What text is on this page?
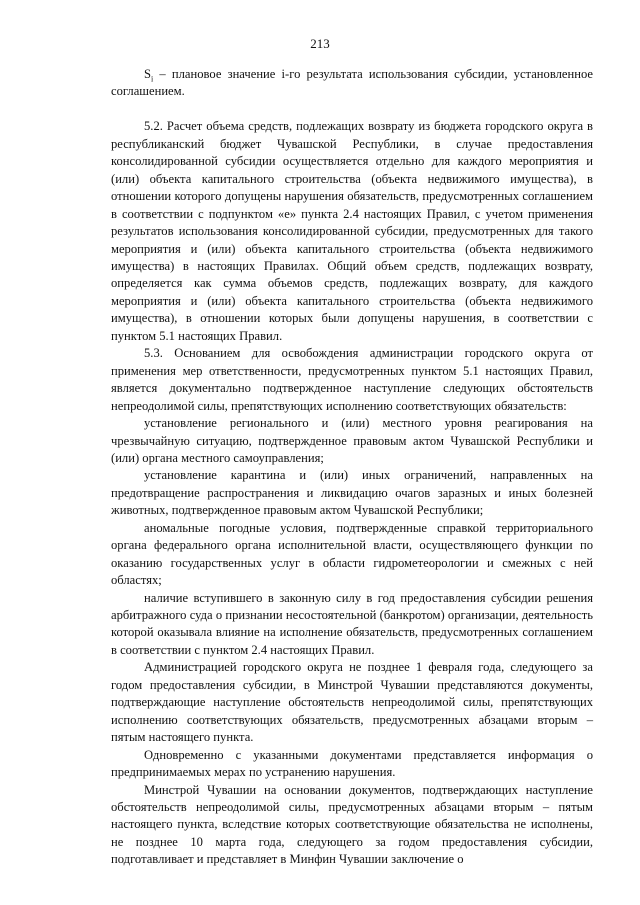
213

$S_i$ – плановое значение i-го результата использования субсидии, установленное соглашением.

5.2. Расчет объема средств, подлежащих возврату из бюджета городского округа в республиканский бюджет Чувашской Республики, в случае предоставления консолидированной субсидии осуществляется отдельно для каждого мероприятия и (или) объекта капитального строительства (объекта недвижимого имущества), в отношении которого допущены нарушения обязательств, предусмотренных соглашением в соответствии с подпунктом «е» пункта 2.4 настоящих Правил, с учетом применения результатов использования консолидированной субсидии, предусмотренных для такого мероприятия и (или) объекта капитального строительства (объекта недвижимого имущества) в настоящих Правилах. Общий объем средств, подлежащих возврату, определяется как сумма объемов средств, подлежащих возврату, для каждого мероприятия и (или) объекта капитального строительства (объекта недвижимого имущества), в отношении которых были допущены нарушения, в соответствии с пунктом 5.1 настоящих Правил.

5.3. Основанием для освобождения администрации городского округа от применения мер ответственности, предусмотренных пунктом 5.1 настоящих Правил, является документально подтвержденное наступление следующих обстоятельств непреодолимой силы, препятствующих исполнению соответствующих обязательств:

установление регионального и (или) местного уровня реагирования на чрезвычайную ситуацию, подтвержденное правовым актом Чувашской Республики и (или) органа местного самоуправления;

установление карантина и (или) иных ограничений, направленных на предотвращение распространения и ликвидацию очагов заразных и иных болезней животных, подтвержденное правовым актом Чувашской Республики;

аномальные погодные условия, подтвержденные справкой территориального органа федерального органа исполнительной власти, осуществляющего функции по оказанию государственных услуг в области гидрометеорологии и смежных с ней областях;

наличие вступившего в законную силу в год предоставления субсидии решения арбитражного суда о признании несостоятельной (банкротом) организации, деятельность которой оказывала влияние на исполнение обязательств, предусмотренных соглашением в соответствии с пунктом 2.4 настоящих Правил.

Администрацией городского округа не позднее 1 февраля года, следующего за годом предоставления субсидии, в Минстрой Чувашии представляются документы, подтверждающие наступление обстоятельств непреодолимой силы, препятствующих исполнению соответствующих обязательств, предусмотренных абзацами вторым – пятым настоящего пункта.

Одновременно с указанными документами представляется информация о предпринимаемых мерах по устранению нарушения.

Минстрой Чувашии на основании документов, подтверждающих наступление обстоятельств непреодолимой силы, предусмотренных абзацами вторым – пятым настоящего пункта, вследствие которых соответствующие обязательства не исполнены, не позднее 10 марта года, следующего за годом предоставления субсидии, подготавливает и представляет в Минфин Чувашии заключение о
